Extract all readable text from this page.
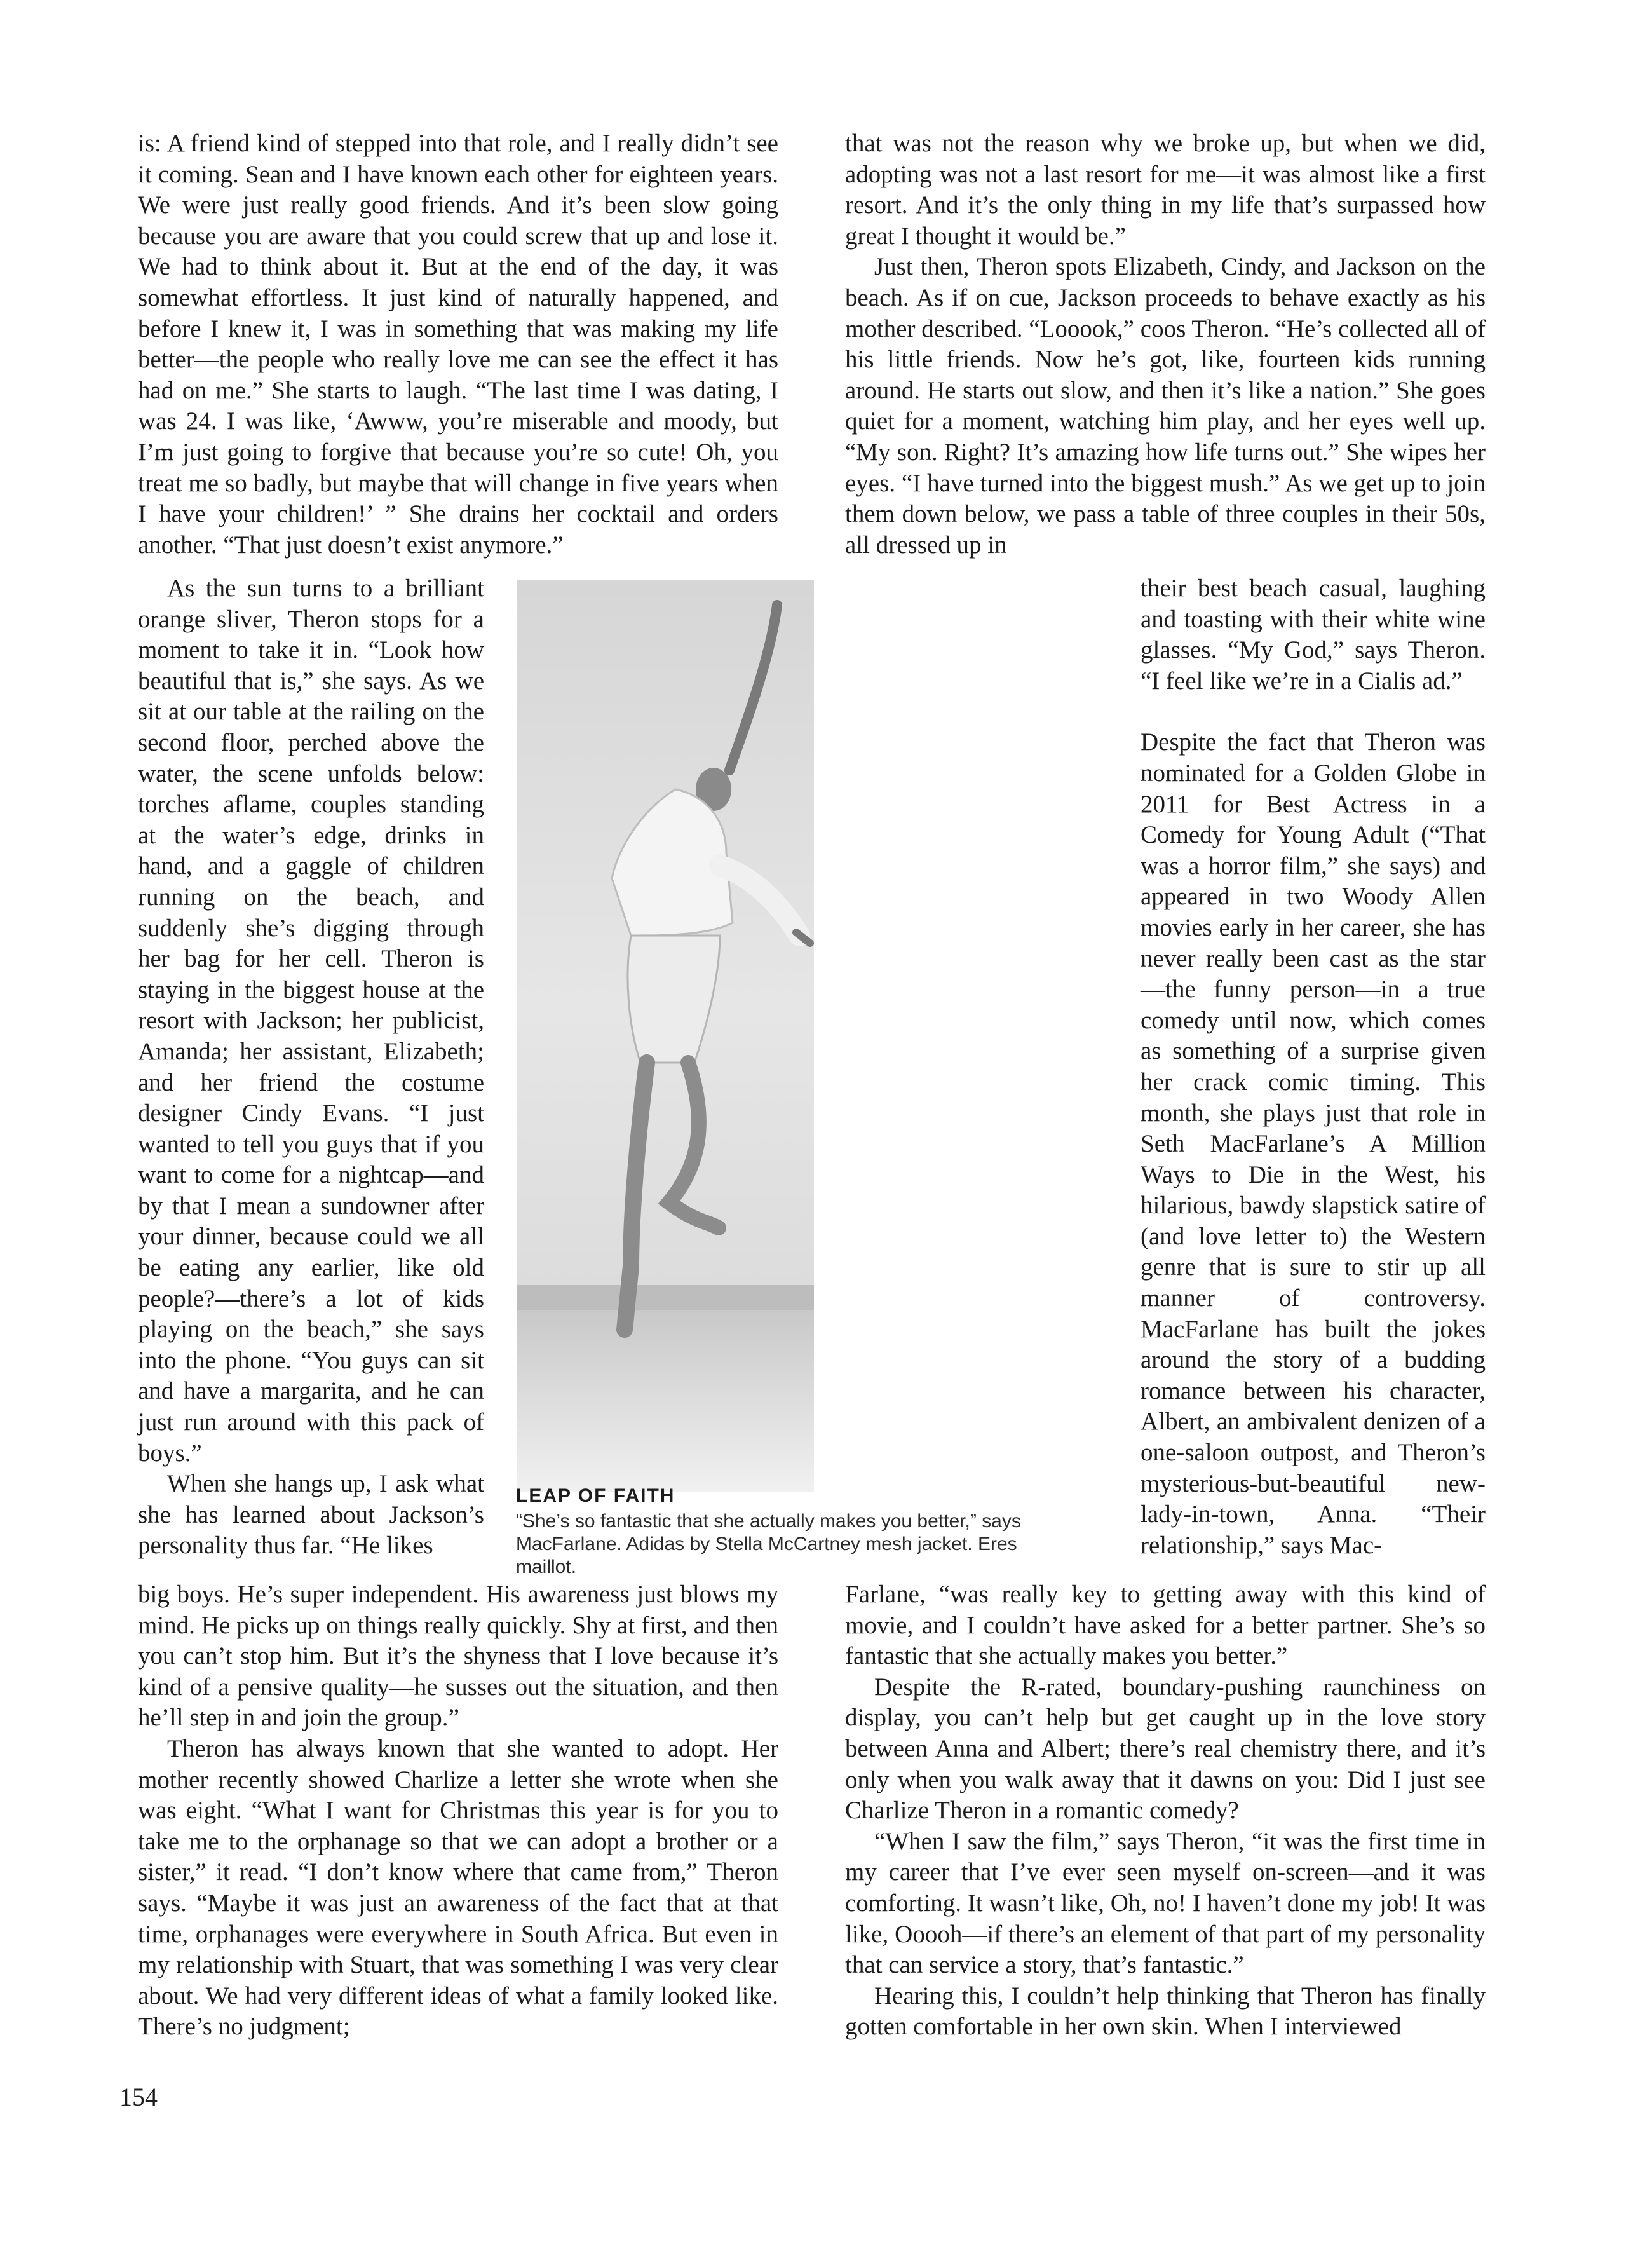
is: A friend kind of stepped into that role, and I really didn’t see it coming. Sean and I have known each other for eighteen years. We were just really good friends. And it’s been slow going because you are aware that you could screw that up and lose it. We had to think about it. But at the end of the day, it was somewhat effortless. It just kind of naturally happened, and before I knew it, I was in something that was making my life better—the people who really love me can see the effect it has had on me.” She starts to laugh. “The last time I was dating, I was 24. I was like, ‘Awww, you’re miserable and moody, but I’m just going to forgive that because you’re so cute! Oh, you treat me so badly, but maybe that will change in five years when I have your children!’ ” She drains her cocktail and orders another. “That just doesn’t exist anymore.”

As the sun turns to a brilliant orange sliver, Theron stops for a moment to take it in. “Look how beautiful that is,” she says. As we sit at our table at the railing on the second floor, perched above the water, the scene unfolds below: torches aflame, couples standing at the water’s edge, drinks in hand, and a gaggle of children running on the beach, and suddenly she’s digging through her bag for her cell. Theron is staying in the biggest house at the resort with Jackson; her publicist, Amanda; her assistant, Elizabeth; and her friend the costume designer Cindy Evans. “I just wanted to tell you guys that if you want to come for a nightcap—and by that I mean a sundowner after your dinner, because could we all be eating any earlier, like old people?—there’s a lot of kids playing on the beach,” she says into the phone. “You guys can sit and have a margarita, and he can just run around with this pack of boys.”

When she hangs up, I ask what she has learned about Jackson’s personality thus far. “He likes

big boys. He’s super independent. His awareness just blows my mind. He picks up on things really quickly. Shy at first, and then you can’t stop him. But it’s the shyness that I love because it’s kind of a pensive quality—he susses out the situation, and then he’ll step in and join the group.”

Theron has always known that she wanted to adopt. Her mother recently showed Charlize a letter she wrote when she was eight. “What I want for Christmas this year is for you to take me to the orphanage so that we can adopt a brother or a sister,” it read. “I don’t know where that came from,” Theron says. “Maybe it was just an awareness of the fact that at that time, orphanages were everywhere in South Africa. But even in my relationship with Stuart, that was something I was very clear about. We had very different ideas of what a family looked like. There’s no judgment;

that was not the reason why we broke up, but when we did, adopting was not a last resort for me—it was almost like a first resort. And it’s the only thing in my life that’s surpassed how great I thought it would be.”

Just then, Theron spots Elizabeth, Cindy, and Jackson on the beach. As if on cue, Jackson proceeds to behave exactly as his mother described. “Looook,” coos Theron. “He’s collected all of his little friends. Now he’s got, like, fourteen kids running around. He starts out slow, and then it’s like a nation.” She goes quiet for a moment, watching him play, and her eyes well up. “My son. Right? It’s amazing how life turns out.” She wipes her eyes. “I have turned into the biggest mush.” As we get up to join them down below, we pass a table of three couples in their 50s, all dressed up in

their best beach casual, laughing and toasting with their white wine glasses. “My God,” says Theron. “I feel like we’re in a Cialis ad.”

Despite the fact that Theron was nominated for a Golden Globe in 2011 for Best Actress in a Comedy for Young Adult (“That was a horror film,” she says) and appeared in two Woody Allen movies early in her career, she has never really been cast as the star—the funny person—in a true comedy until now, which comes as something of a surprise given her crack comic timing. This month, she plays just that role in Seth MacFarlane’s A Million Ways to Die in the West, his hilarious, bawdy slapstick satire of (and love letter to) the Western genre that is sure to stir up all manner of controversy. MacFarlane has built the jokes around the story of a budding romance between his character, Albert, an ambivalent denizen of a one-saloon outpost, and Theron’s mysterious-but-beautiful new-lady-in-town, Anna. “Their relationship,” says Mac-

Farlane, “was really key to getting away with this kind of movie, and I couldn’t have asked for a better partner. She’s so fantastic that she actually makes you better.”

Despite the R-rated, boundary-pushing raunchiness on display, you can’t help but get caught up in the love story between Anna and Albert; there’s real chemistry there, and it’s only when you walk away that it dawns on you: Did I just see Charlize Theron in a romantic comedy?

“When I saw the film,” says Theron, “it was the first time in my career that I’ve ever seen myself on-screen—and it was comforting. It wasn’t like, Oh, no! I haven’t done my job! It was like, Ooooh—if there’s an element of that part of my personality that can service a story, that’s fantastic.”

Hearing this, I couldn’t help thinking that Theron has finally gotten comfortable in her own skin. When I interviewed

LEAP OF FAITH

“She’s so fantastic that she actually makes you better,” says MacFarlane. Adidas by Stella McCartney mesh jacket. Eres maillot.

154
